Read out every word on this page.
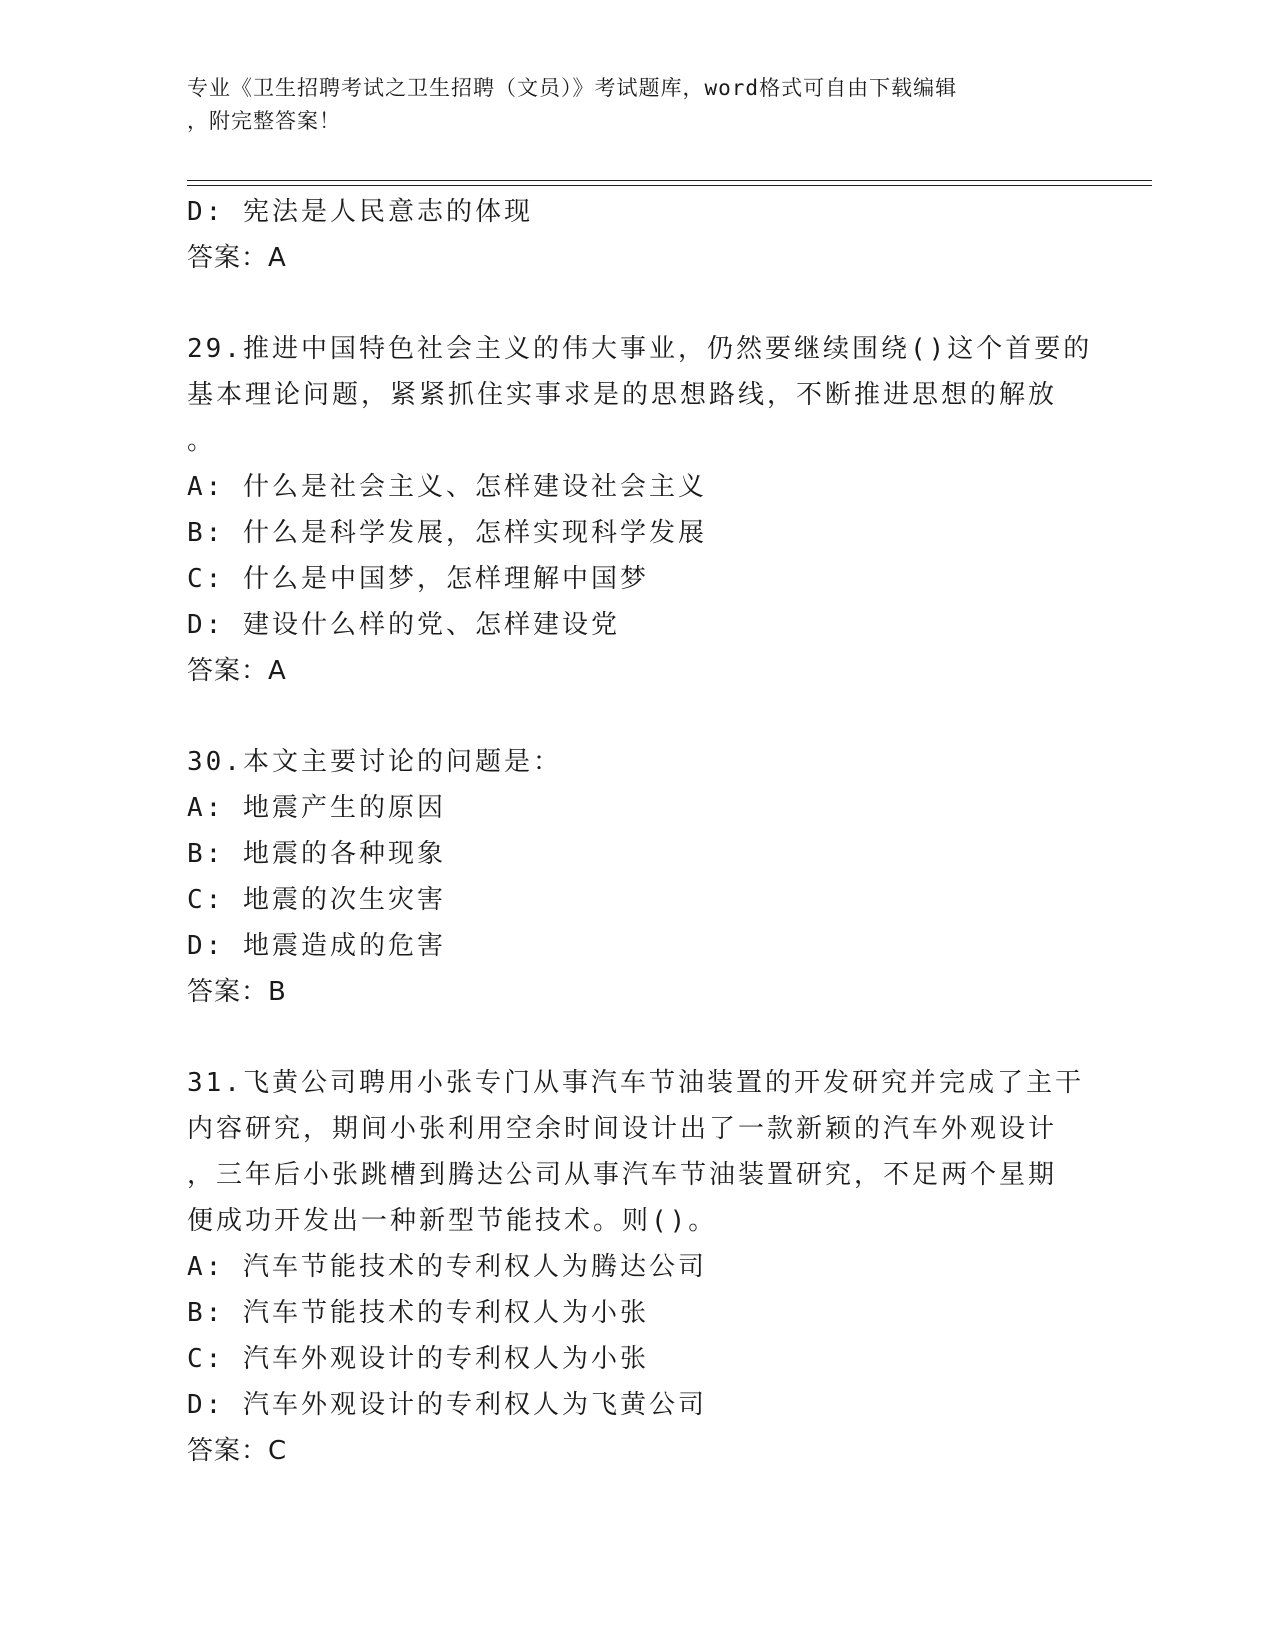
专业《卫生招聘考试之卫生招聘（文员）》考试题库，word格式可自由下载编辑
，附完整答案！
D: 宪法是人民意志的体现
答案：A
29.推进中国特色社会主义的伟大事业，仍然要继续围绕()这个首要的
基本理论问题，紧紧抓住实事求是的思想路线，不断推进思想的解放
。
A: 什么是社会主义、怎样建设社会主义
B: 什么是科学发展，怎样实现科学发展
C: 什么是中国梦，怎样理解中国梦
D: 建设什么样的党、怎样建设党
答案：A
30.本文主要讨论的问题是：
A: 地震产生的原因
B: 地震的各种现象
C: 地震的次生灾害
D: 地震造成的危害
答案：B
31.飞黄公司聘用小张专门从事汽车节油装置的开发研究并完成了主干
内容研究，期间小张利用空余时间设计出了一款新颖的汽车外观设计
，三年后小张跳槽到腾达公司从事汽车节油装置研究，不足两个星期
便成功开发出一种新型节能技术。则()。
A: 汽车节能技术的专利权人为腾达公司
B: 汽车节能技术的专利权人为小张
C: 汽车外观设计的专利权人为小张
D: 汽车外观设计的专利权人为飞黄公司
答案：C
